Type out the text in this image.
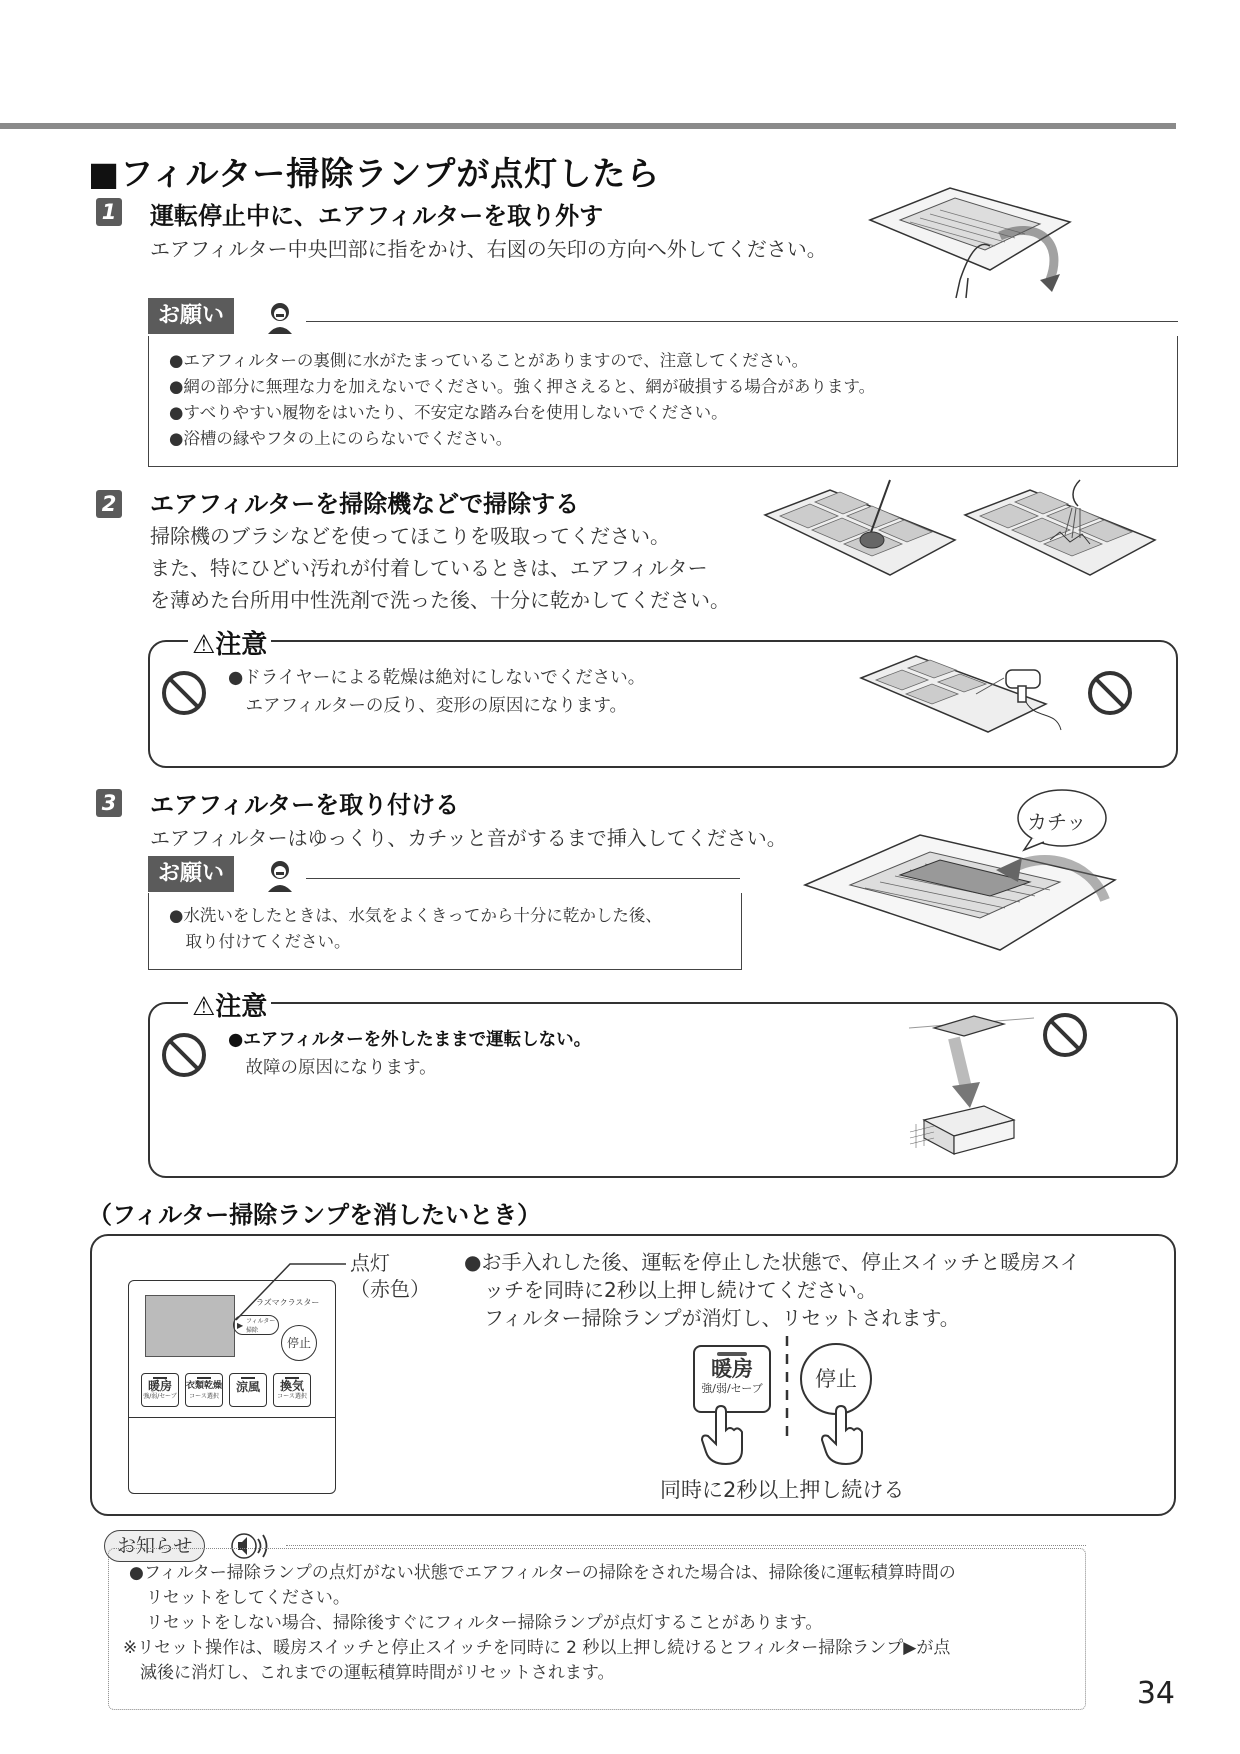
■フィルター掃除ランプが点灯したら
1 運転停止中に、エアフィルターを取り外す
エアフィルター中央凹部に指をかけ、右図の矢印の方向へ外してください。
お願い
●エアフィルターの裏側に水がたまっていることがありますので、注意してください。
●網の部分に無理な力を加えないでください。強く押さえると、網が破損する場合があります。
●すべりやすい履物をはいたり、不安定な踏み台を使用しないでください。
●浴槽の縁やフタの上にのらないでください。
2 エアフィルターを掃除機などで掃除する
掃除機のブラシなどを使ってほこりを吸取ってください。
また、特にひどい汚れが付着しているときは、エアフィルター
を薄めた台所用中性洗剤で洗った後、十分に乾かしてください。
⚠注意
●ドライヤーによる乾燥は絶対にしないでください。
　エアフィルターの反り、変形の原因になります。
3 エアフィルターを取り付ける
エアフィルターはゆっくり、カチッと音がするまで挿入してください。
カチッ
お願い
●水洗いをしたときは、水気をよくきってから十分に乾かした後、
　取り付けてください。
⚠注意
●エアフィルターを外したままで運転しない。
　故障の原因になります。
（フィルター掃除ランプを消したいとき）
ラズマクラスター
▶ フィルター掃除
停止
暖房
強/弱/セーブ
衣類乾燥
コース選択
涼風	換気
コース選択
点灯
（赤色）
●お手入れした後、運転を停止した状態で、停止スイッチと暖房スイ
　ッチを同時に2秒以上押し続けてください。
　フィルター掃除ランプが消灯し、リセットされます。
暖房
強/弱/セーブ	停止
同時に2秒以上押し続ける
お知らせ
●フィルター掃除ランプの点灯がない状態でエアフィルターの掃除をされた場合は、掃除後に運転積算時間の
　リセットをしてください。
　リセットをしない場合、掃除後すぐにフィルター掃除ランプが点灯することがあります。
※リセット操作は、暖房スイッチと停止スイッチを同時に 2 秒以上押し続けるとフィルター掃除ランプ▶が点
　滅後に消灯し、これまでの運転積算時間がリセットされます。
34
